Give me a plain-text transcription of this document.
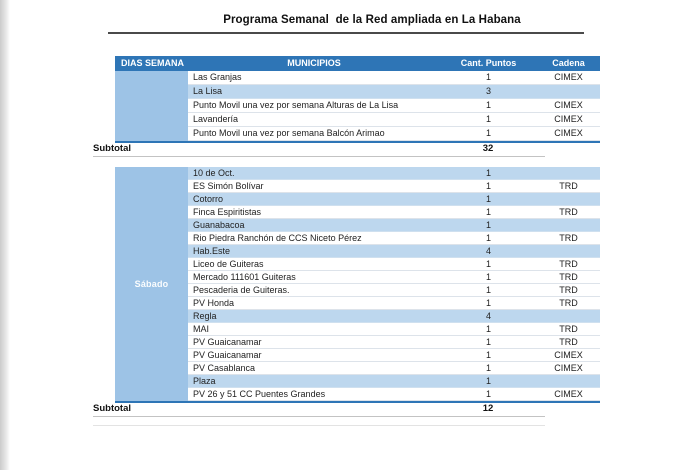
Programa Semanal  de la Red ampliada en La Habana
DIAS SEMANA	MUNICIPIOS	Cant. Puntos	Cadena
Las Granjas	1	CIMEX
La Lisa	3
Punto Movil una vez por semana Alturas de La Lisa	1	CIMEX
Lavandería	1	CIMEX
Punto Movil una vez por semana Balcón Arimao	1	CIMEX
Subtotal	32
Sábado
10 de Oct.	1
ES Simón Bolívar	1	TRD
Cotorro	1
Finca Espiritistas	1	TRD
Guanabacoa	1
Rio Piedra Ranchón de CCS Niceto Pérez	1	TRD
Hab.Este	4
Liceo de Guiteras	1	TRD
Mercado 111601 Guiteras	1	TRD
Pescaderia de Guiteras.	1	TRD
PV Honda	1	TRD
Regla	4
MAI	1	TRD
PV Guaicanamar	1	TRD
PV Guaicanamar	1	CIMEX
PV Casablanca	1	CIMEX
Plaza	1
PV 26 y 51 CC Puentes Grandes	1	CIMEX
Subtotal	12
